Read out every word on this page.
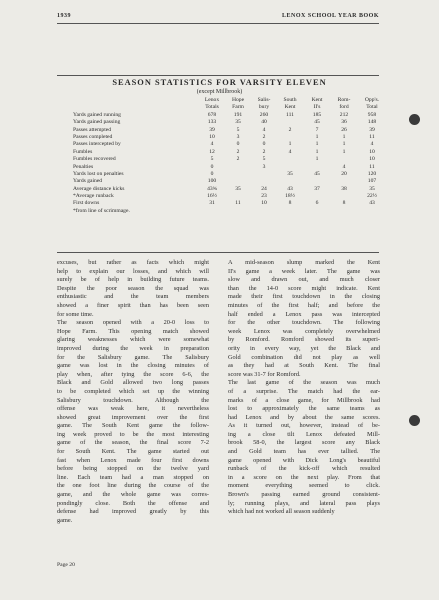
1939	LENOX SCHOOL YEAR BOOK
SEASON STATISTICS FOR VARSITY ELEVEN
(except Millbrook)
Yards gained running
Yards gained passing
Passes attempted
Passes completed
Passes intercepted by
Fumbles
Fumbles recovered
Penalties
Yards lost on penalties
Yards gained
Average distance kicks
*Average runback
First downs
*from line of scrimmage.
Lenox
Totals
678
133
39
10
4
12
5
0
0
100
43¾
16½
31
Hope
Farm
191
35
5
3
0
2
2
35
11
Salis-
bury
260
40
4
2
0
2
5
3
24
23
10
South
Kent
111
2
1
4
35
43
18½
8
Kent
II's
185
45
7
1
1
1
1
45
37
6
Rom-
ford
212
36
26
1
1
1
4
20
38
8
Opp's.
Total
958
148
39
11
4
10
10
11
120
107
35
22½
43
excuses, but rather as facts which might
help to explain our losses, and which will
surely be of help in building future teams.
Despite the poor season the squad was
enthusiastic and the team members
showed a finer spirit than has been seen
for some time.
The season opened with a 20-0 loss to
Hope Farm. This opening match showed
glaring weaknesses which were somewhat
improved during the week in preparation
for the Salisbury game. The Salisbury
game was lost in the closing minutes of
play when, after tying the score 6-6, the
Black and Gold allowed two long passes
to be completed which set up the winning
Salisbury touchdown. Although the
offense was weak here, it nevertheless
showed great improvement over the first
game. The South Kent game the follow-
ing week proved to be the most interesting
game of the season, the final score 7-2
for South Kent. The game started out
fast when Lenox made four first downs
before being stopped on the twelve yard
line. Each team had a man stopped on
the one foot line during the course of the
game, and the whole game was corres-
pondingly close. Both the offense and
defense had improved greatly by this
game.
A mid-season slump marked the Kent
II's game a week later. The game was
slow and drawn out, and much closer
than the 14-0 score might indicate. Kent
made their first touchdown in the closing
minutes of the first half; and before the
half ended a Lenox pass was intercepted
for the other touchdown. The following
week Lenox was completely overwhelmed
by Romford. Romford showed its superi-
ority in every way, yet the Black and
Gold combination did not play as well
as they had at South Kent. The final
score was 31-7 for Romford.
The last game of the season was much
of a surprise. The match had the ear-
marks of a close game, for Millbrook had
lost to approximately the same teams as
had Lenox and by about the same scores.
As it turned out, however, instead of be-
ing a close tilt Lenox defeated Mill-
brook 58-0, the largest score any Black
and Gold team has ever tallied. The
game opened with Dick Long's beautiful
runback of the kick-off which resulted
in a score on the next play. From that
moment everything seemed to click.
Brown's passing earned ground consistent-
ly; running plays, and lateral pass plays
which had not worked all season suddenly
Page 20
